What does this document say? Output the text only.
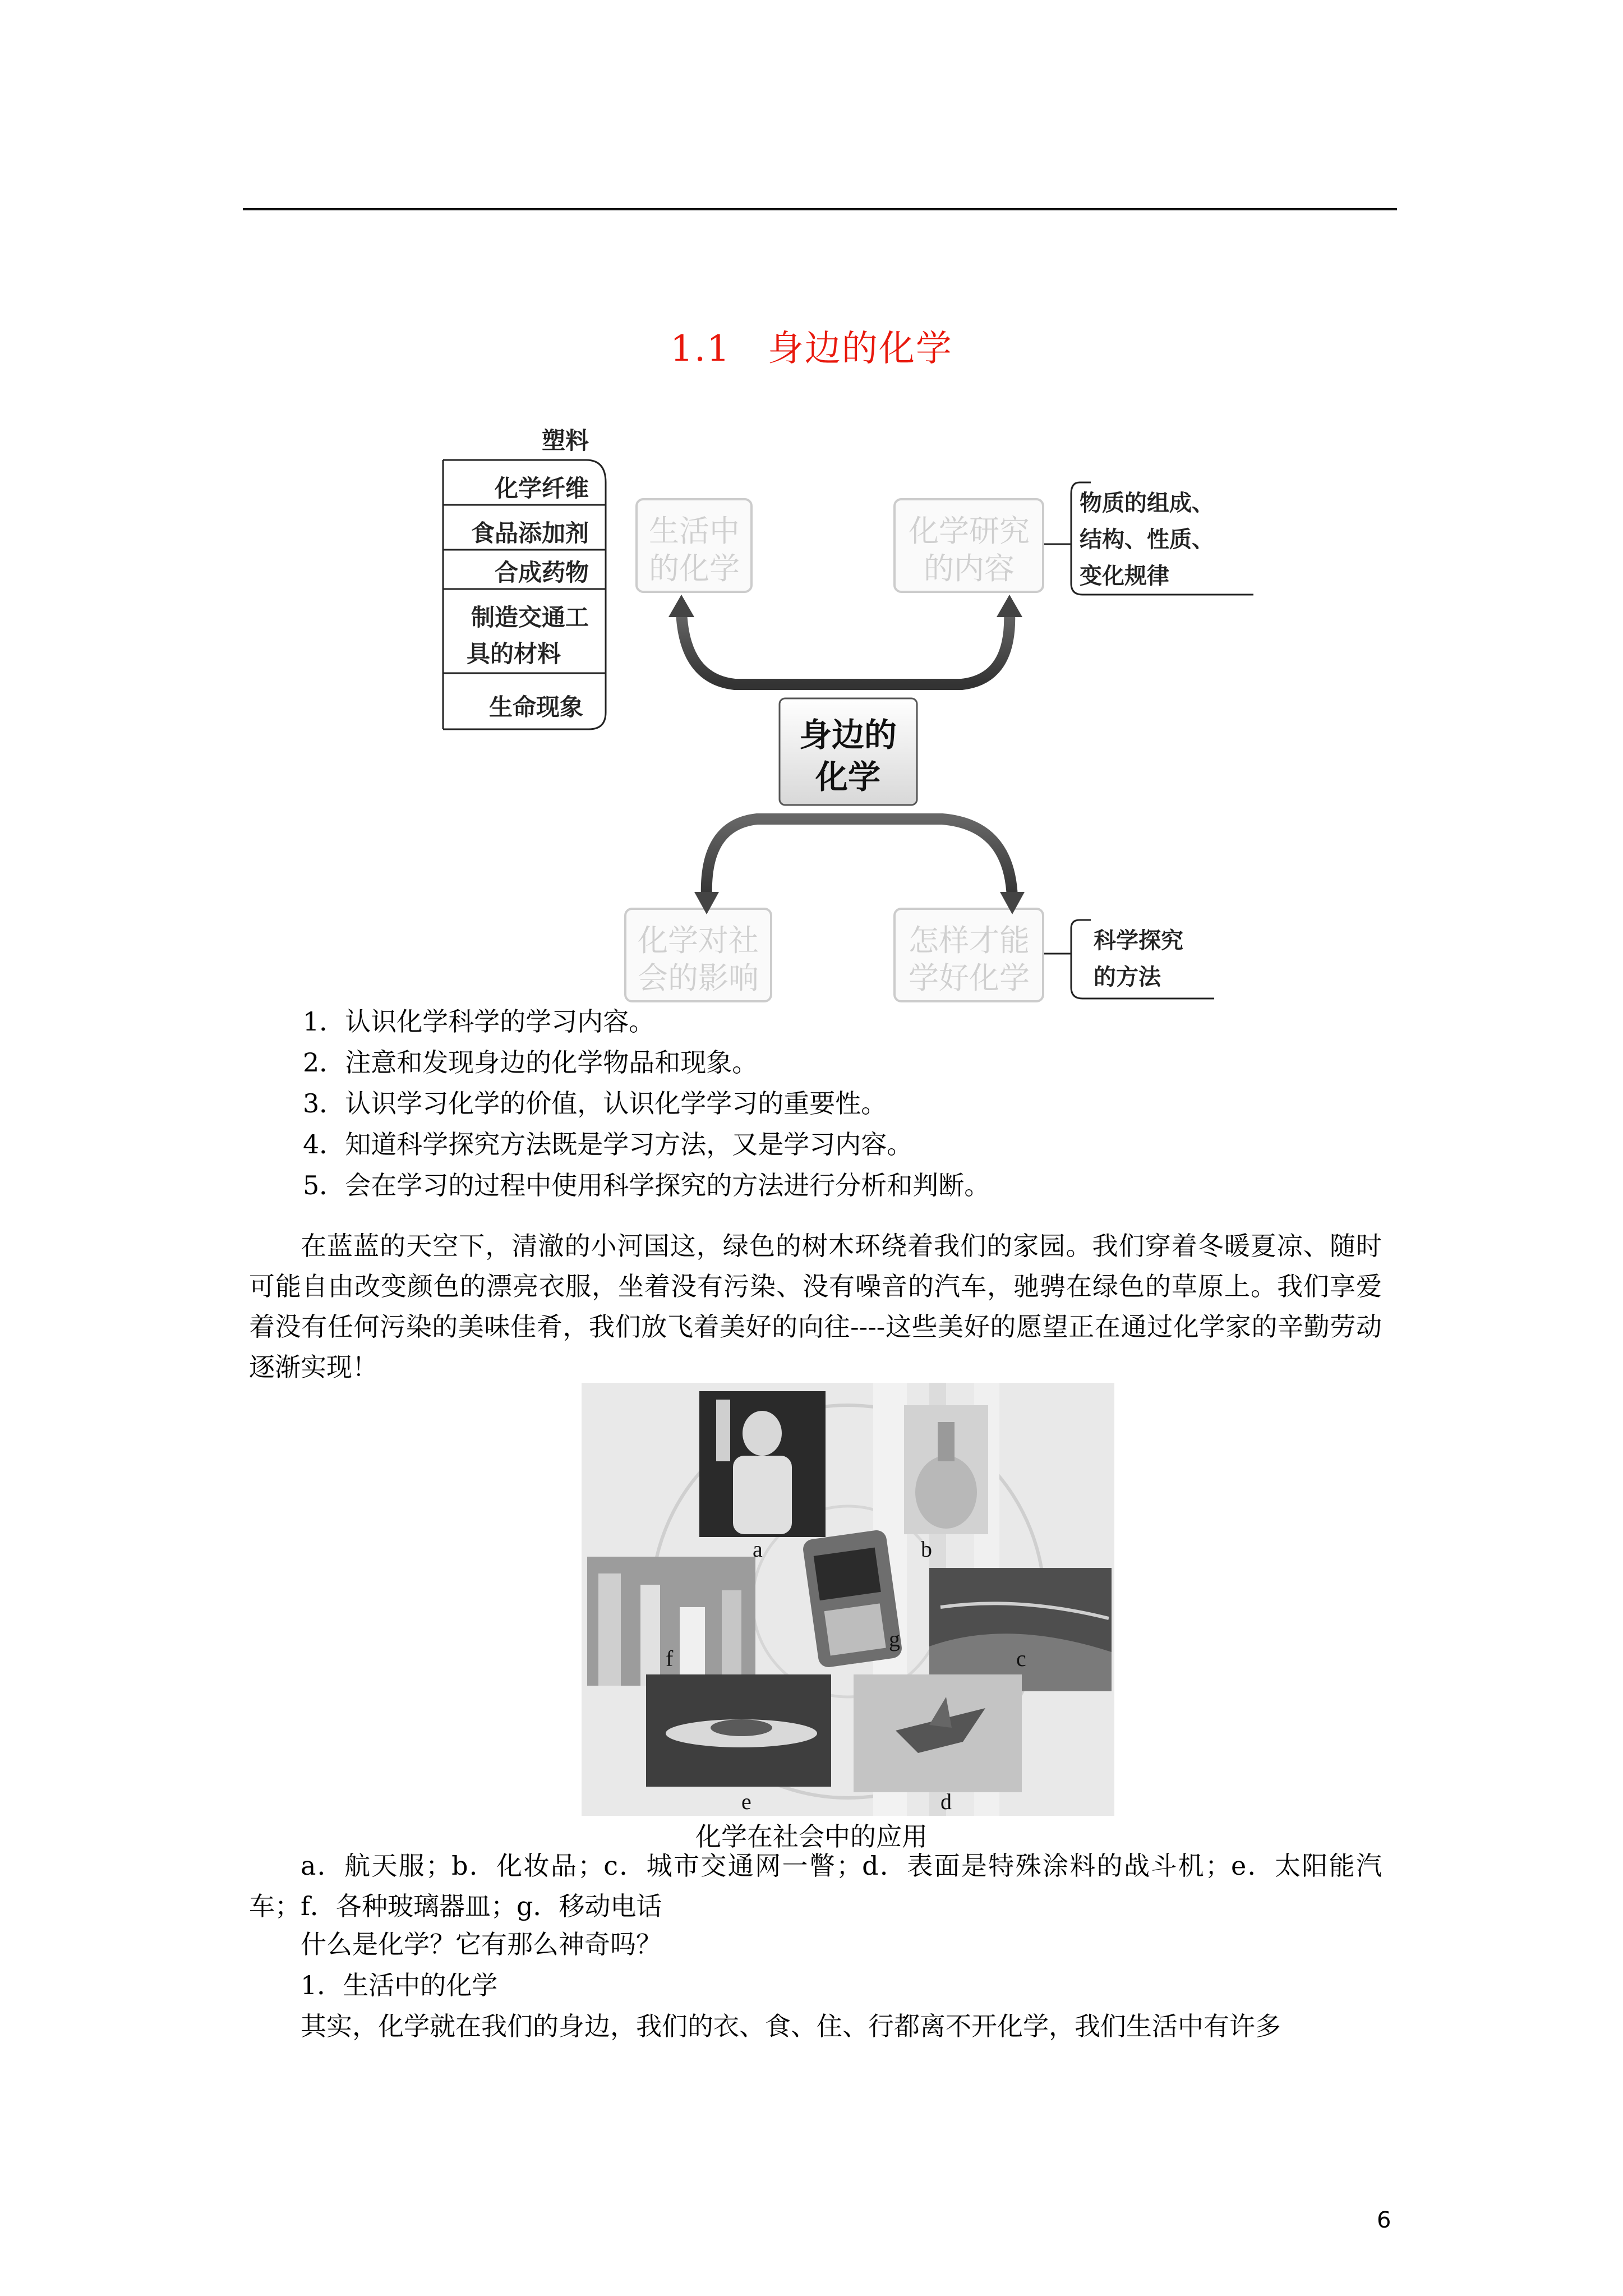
1.1　身边的化学
塑料
化学纤维
食品添加剂
合成药物
制造交通工
具的材料
生命现象
物质的组成、
结构、性质、
变化规律
科学探究
的方法
生活中
的化学
化学研究
的内容
化学对社
会的影响
怎样才能
学好化学
身边的
化学
1．认识化学科学的学习内容。
2．注意和发现身边的化学物品和现象。
3．认识学习化学的价值，认识化学学习的重要性。
4．知道科学探究方法既是学习方法，又是学习内容。
5．会在学习的过程中使用科学探究的方法进行分析和判断。
在蓝蓝的天空下，清澈的小河国这，绿色的树木环绕着我们的家园。我们穿着冬暖夏凉、随时可能自由改变颜色的漂亮衣服，坐着没有污染、没有噪音的汽车，驰骋在绿色的草原上。我们享爱着没有任何污染的美味佳肴，我们放飞着美好的向往----这些美好的愿望正在通过化学家的辛勤劳动逐渐实现！
a	b
c
d
e
f
g
化学在社会中的应用
a．航天服；b．化妆品；c．城市交通网一瞥；d．表面是特殊涂料的战斗机；e．太阳能汽车；f．各种玻璃器皿；g．移动电话
什么是化学？它有那么神奇吗？
1．生活中的化学
其实，化学就在我们的身边，我们的衣、食、住、行都离不开化学，我们生活中有许多
6
